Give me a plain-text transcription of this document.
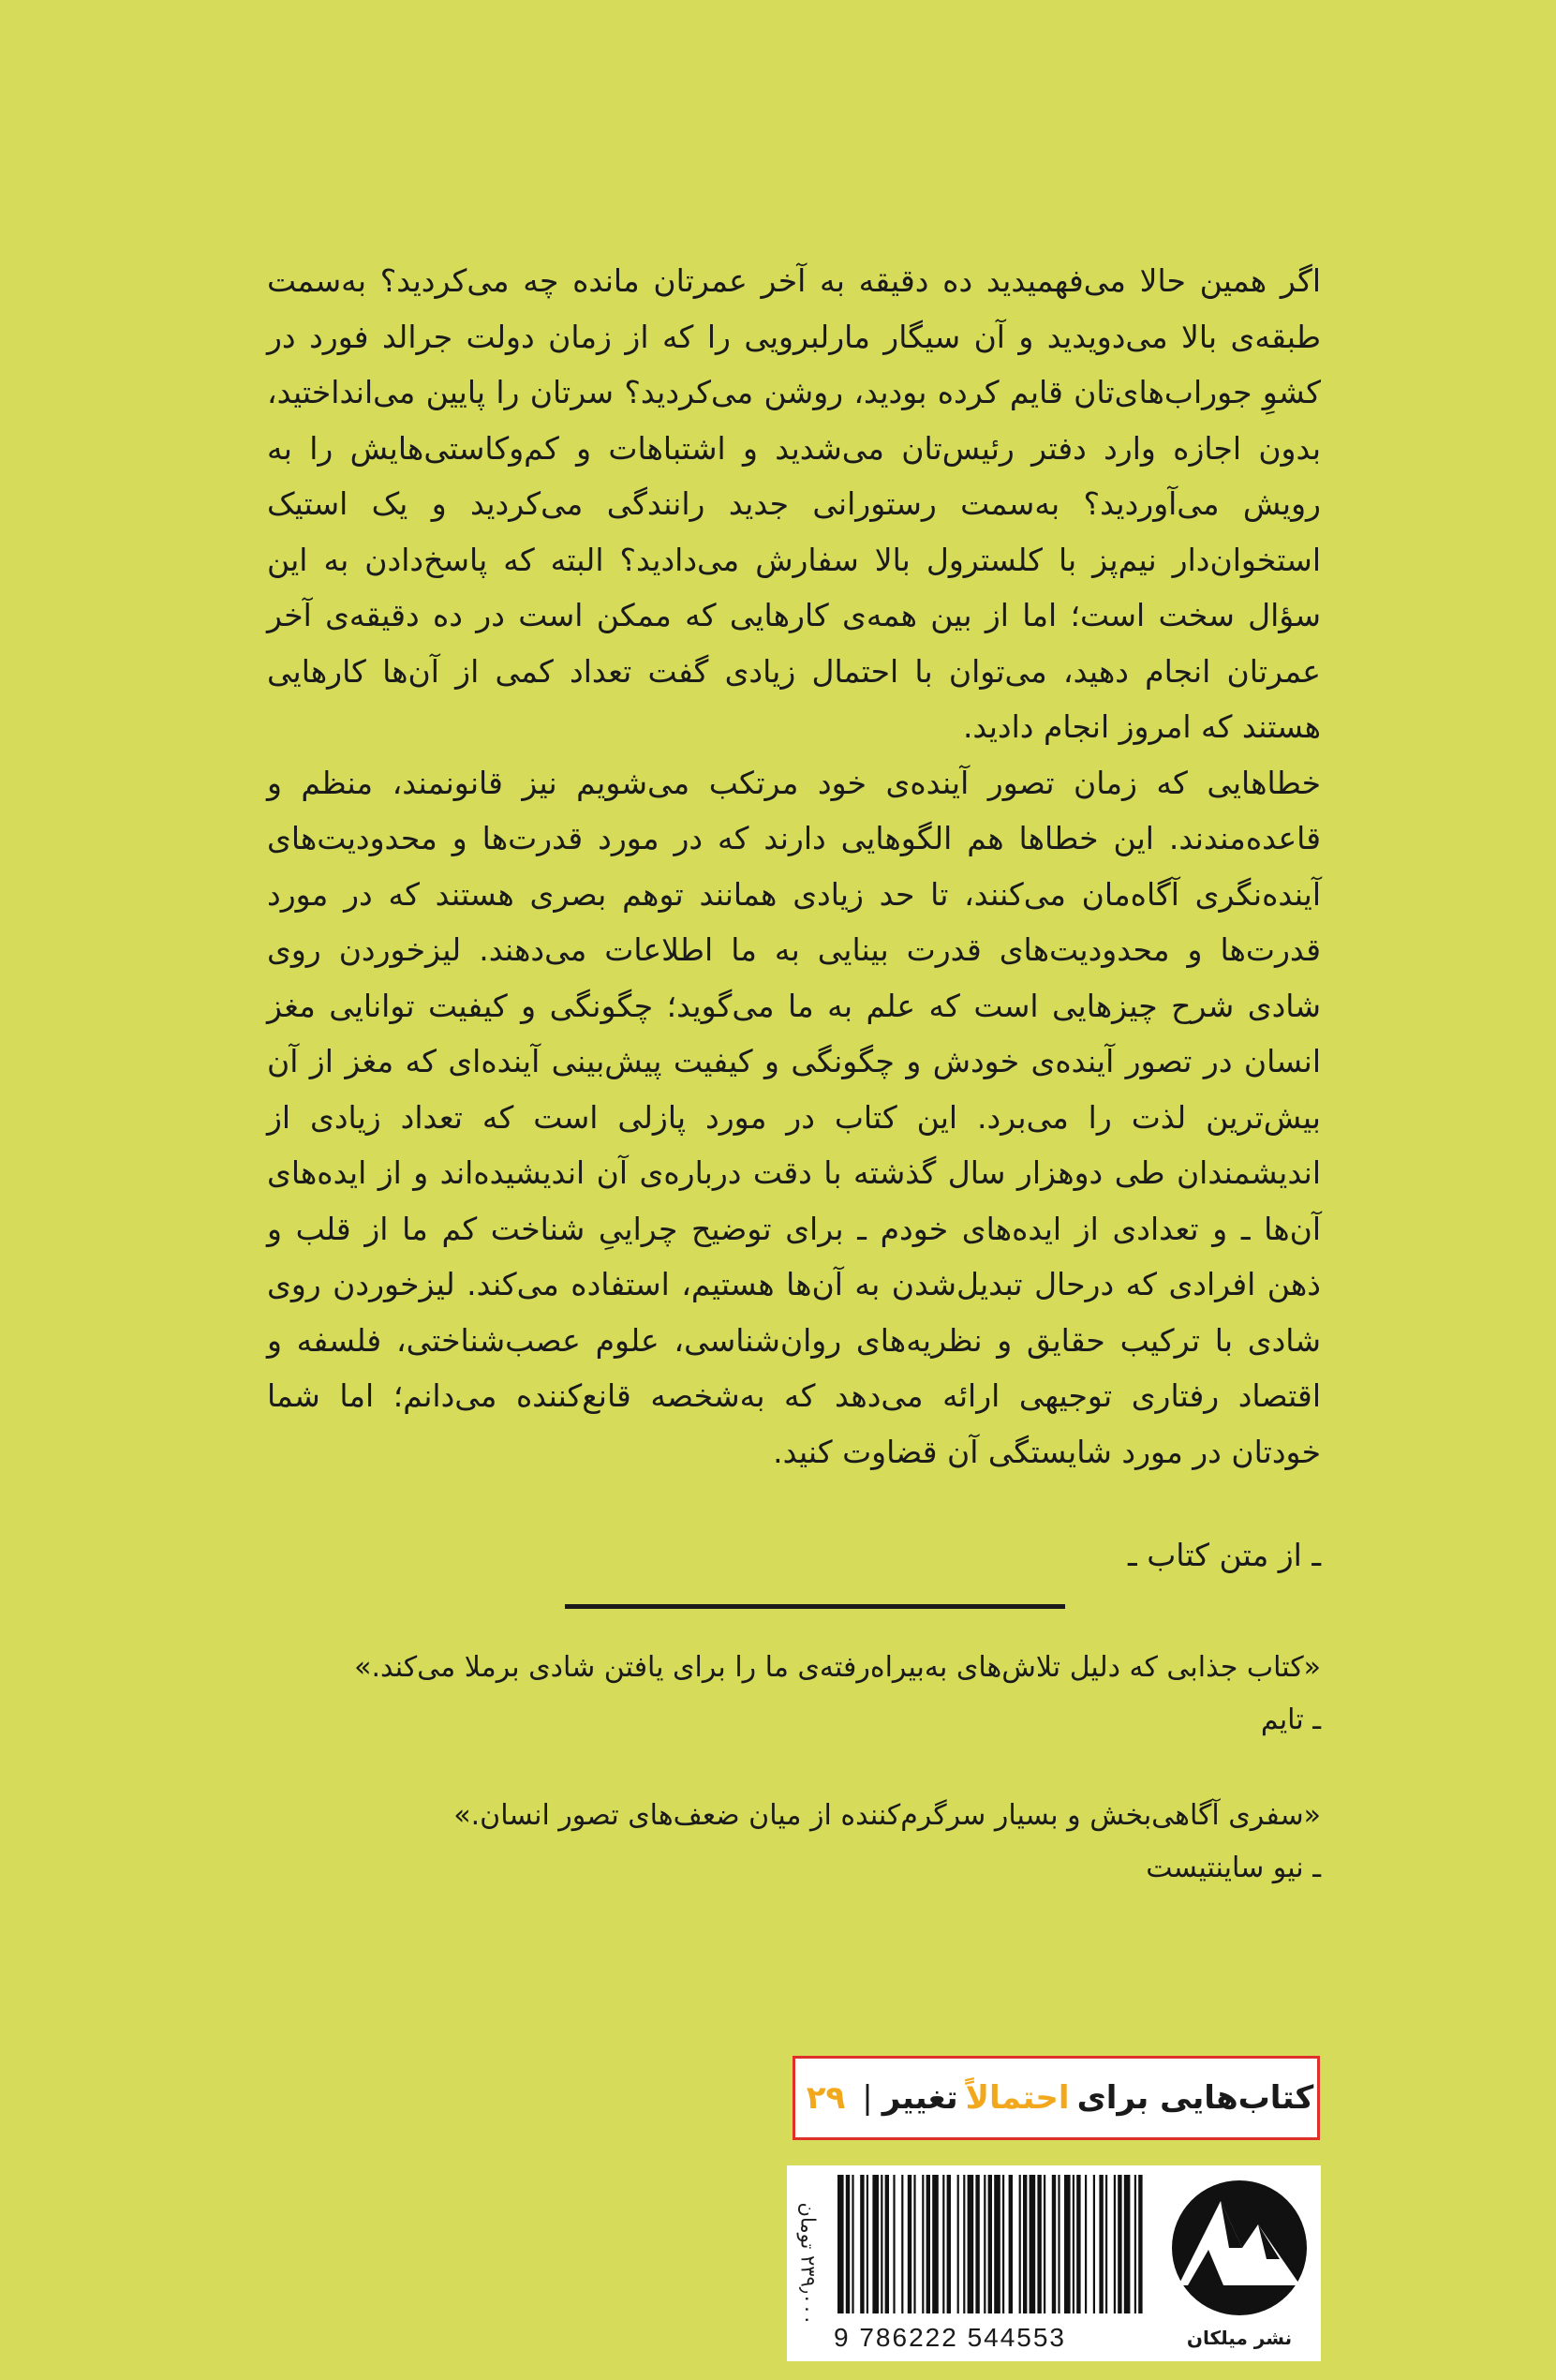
اگر همین حالا می‌فهمیدید ده دقیقه به آخر عمرتان مانده چه می‌کردید؟ به‌سمت طبقه‌ی بالا می‌دویدید و آن سیگار مارلبرویی را که از زمان دولت جرالد فورد در کشوِ جوراب‌های‌تان قایم کرده بودید، روشن می‌کردید؟ سرتان را پایین می‌انداختید، بدون اجازه وارد دفتر رئیس‌تان می‌شدید و اشتباهات و کم‌وکاستی‌هایش را به رویش می‌آوردید؟ به‌سمت رستورانی جدید رانندگی می‌کردید و یک استیک استخوان‌دار نیم‌پز با کلسترول بالا سفارش می‌دادید؟ البته که پاسخ‌دادن به این سؤال سخت است؛ اما از بین همه‌ی کارهایی که ممکن است در ده دقیقه‌ی آخر عمرتان انجام دهید، می‌توان با احتمال زیادی گفت تعداد کمی از آن‌ها کارهایی هستند که امروز انجام دادید.

خطاهایی که زمان تصور آینده‌ی خود مرتکب می‌شویم نیز قانونمند، منظم و قاعده‌مندند. این خطاها هم الگوهایی دارند که در مورد قدرت‌ها و محدودیت‌های آینده‌نگری آگاه‌مان می‌کنند، تا حد زیادی همانند توهم بصری هستند که در مورد قدرت‌ها و محدودیت‌های قدرت بینایی به ما اطلاعات می‌دهند. لیزخوردن روی شادی شرح چیزهایی است که علم به ما می‌گوید؛ چگونگی و کیفیت توانایی مغز انسان در تصور آینده‌ی خودش و چگونگی و کیفیت پیش‌بینی آینده‌ای که مغز از آن بیش‌ترین لذت را می‌برد. این کتاب در مورد پازلی است که تعداد زیادی از اندیشمندان طی دوهزار سال گذشته با دقت درباره‌ی آن اندیشیده‌اند و از ایده‌های آن‌ها ـ و تعدادی از ایده‌های خودم ـ برای توضیح چراییِ شناخت کم ما از قلب و ذهن افرادی که درحال تبدیل‌شدن به آن‌ها هستیم، استفاده می‌کند. لیزخوردن روی شادی با ترکیب حقایق و نظریه‌های روان‌شناسی، علوم عصب‌شناختی، فلسفه و اقتصاد رفتاری توجیهی ارائه می‌دهد که به‌شخصه قانع‌کننده می‌دانم؛ اما شما خودتان در مورد شایستگی آن قضاوت کنید.

ـ از متن کتاب ـ
«کتاب جذابی که دلیل تلاش‌های به‌بیراه‌رفته‌ی ما را برای یافتن شادی برملا می‌کند.»
ـ تایم
«سفری آگاهی‌بخش و بسیار سرگرم‌کننده از میان ضعف‌های تصور انسان.»
ـ نیو ساینتیست
کتاب‌هایی برای
احتمالاً
تغییر
|
۲۹
۲۳۹٫۰۰۰ تومان
9 786222 544553	نشر میلکان
